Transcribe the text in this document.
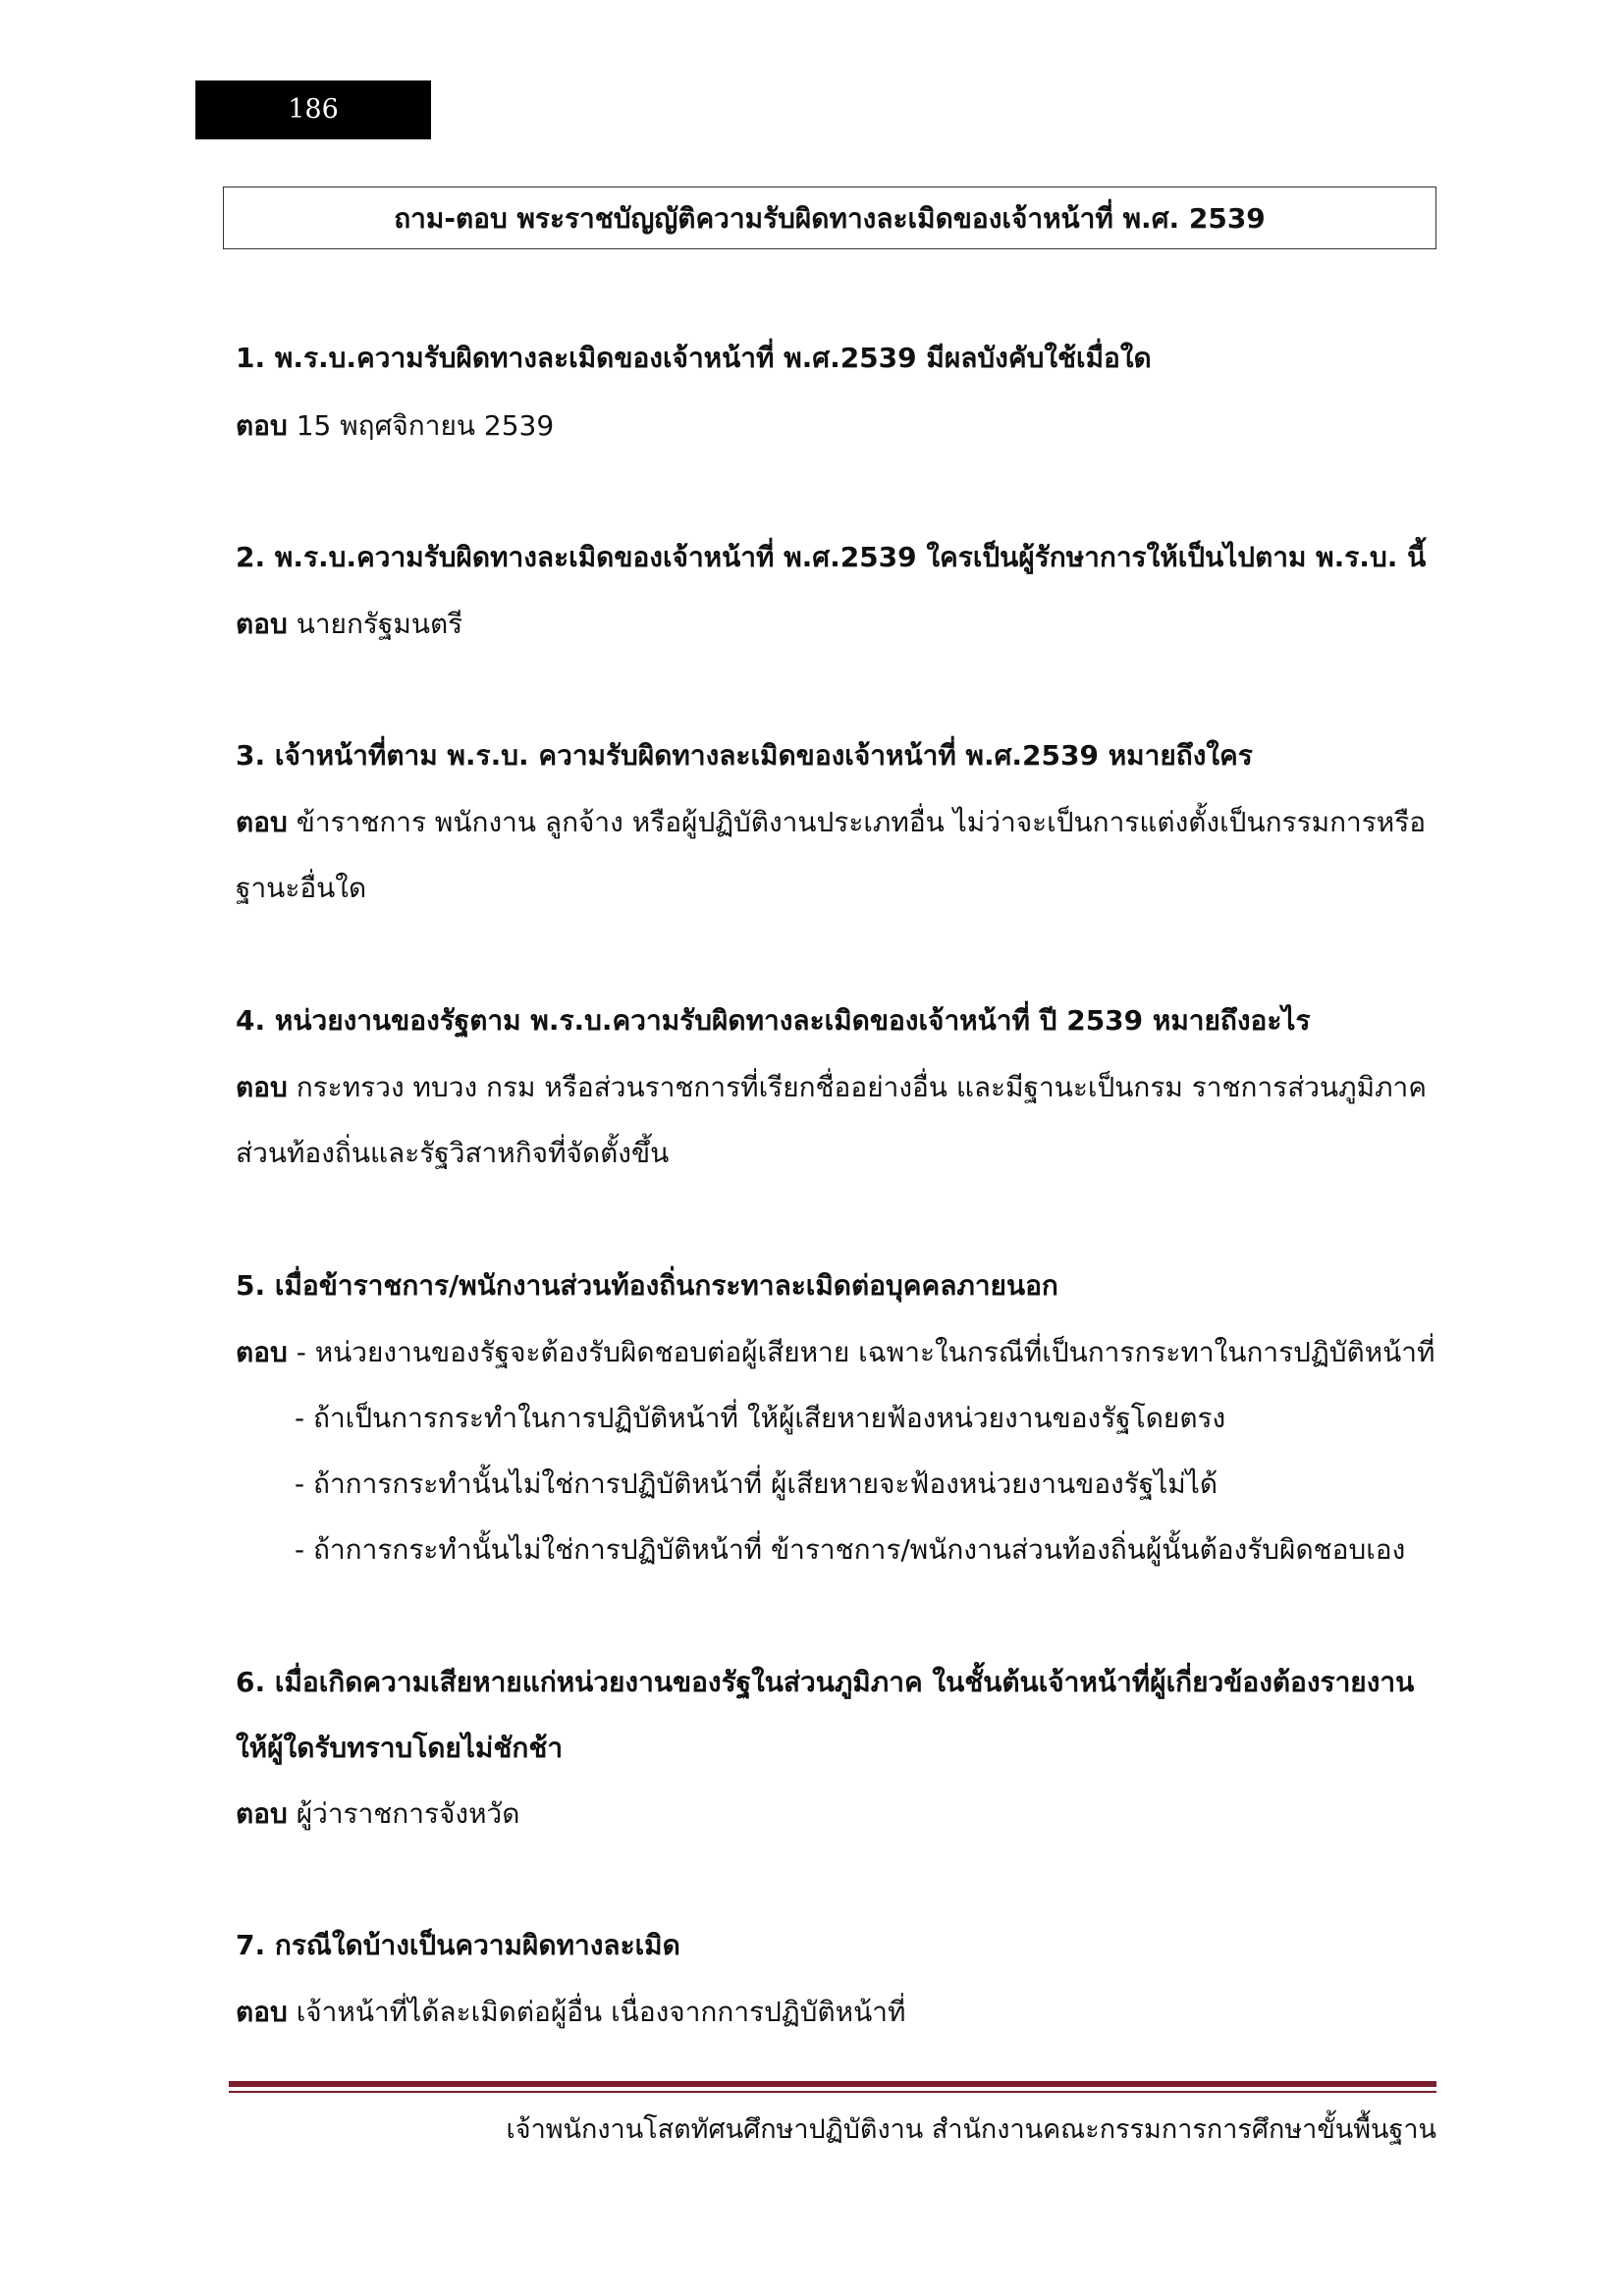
186
ถาม-ตอบ พระราชบัญญัติความรับผิดทางละเมิดของเจ้าหน้าที่ พ.ศ. 2539
1. พ.ร.บ.ความรับผิดทางละเมิดของเจ้าหน้าที่ พ.ศ.2539 มีผลบังคับใช้เมื่อใด
ตอบ 15 พฤศจิกายน 2539
2. พ.ร.บ.ความรับผิดทางละเมิดของเจ้าหน้าที่ พ.ศ.2539 ใครเป็นผู้รักษาการให้เป็นไปตาม พ.ร.บ. นี้
ตอบ นายกรัฐมนตรี
3. เจ้าหน้าที่ตาม พ.ร.บ. ความรับผิดทางละเมิดของเจ้าหน้าที่ พ.ศ.2539 หมายถึงใคร
ตอบ ข้าราชการ พนักงาน ลูกจ้าง หรือผู้ปฏิบัติงานประเภทอื่น ไม่ว่าจะเป็นการแต่งตั้งเป็นกรรมการหรือ
ฐานะอื่นใด
4. หน่วยงานของรัฐตาม พ.ร.บ.ความรับผิดทางละเมิดของเจ้าหน้าที่ ปี 2539 หมายถึงอะไร
ตอบ กระทรวง ทบวง กรม หรือส่วนราชการที่เรียกชื่ออย่างอื่น และมีฐานะเป็นกรม ราชการส่วนภูมิภาค
ส่วนท้องถิ่นและรัฐวิสาหกิจที่จัดตั้งขึ้น
5. เมื่อข้าราชการ/พนักงานส่วนท้องถิ่นกระทาละเมิดต่อบุคคลภายนอก
ตอบ - หน่วยงานของรัฐจะต้องรับผิดชอบต่อผู้เสียหาย เฉพาะในกรณีที่เป็นการกระทาในการปฏิบัติหน้าที่
- ถ้าเป็นการกระทำในการปฏิบัติหน้าที่ ให้ผู้เสียหายฟ้องหน่วยงานของรัฐโดยตรง
- ถ้าการกระทำนั้นไม่ใช่การปฏิบัติหน้าที่ ผู้เสียหายจะฟ้องหน่วยงานของรัฐไม่ได้
- ถ้าการกระทำนั้นไม่ใช่การปฏิบัติหน้าที่ ข้าราชการ/พนักงานส่วนท้องถิ่นผู้นั้นต้องรับผิดชอบเอง
6. เมื่อเกิดความเสียหายแก่หน่วยงานของรัฐในส่วนภูมิภาค ในชั้นต้นเจ้าหน้าที่ผู้เกี่ยวข้องต้องรายงาน
ให้ผู้ใดรับทราบโดยไม่ชักช้า
ตอบ ผู้ว่าราชการจังหวัด
7. กรณีใดบ้างเป็นความผิดทางละเมิด
ตอบ เจ้าหน้าที่ได้ละเมิดต่อผู้อื่น เนื่องจากการปฏิบัติหน้าที่
เจ้าพนักงานโสตทัศนศึกษาปฏิบัติงาน สำนักงานคณะกรรมการการศึกษาขั้นพื้นฐาน
